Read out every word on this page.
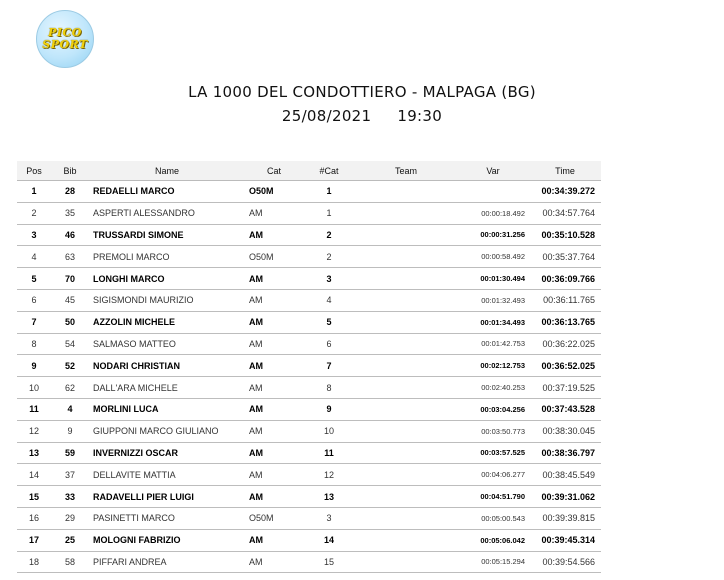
PICO
SPORT
LA 1000 DEL CONDOTTIERO - MALPAGA (BG)
25/08/2021 19:30
Pos	Bib	Name	Cat	#Cat	Team	Var	Time
1	28	REDAELLI MARCO	O50M	1			00:34:39.272
2	35	ASPERTI ALESSANDRO	AM	1		00:00:18.492	00:34:57.764
3	46	TRUSSARDI SIMONE	AM	2		00:00:31.256	00:35:10.528
4	63	PREMOLI MARCO	O50M	2		00:00:58.492	00:35:37.764
5	70	LONGHI MARCO	AM	3		00:01:30.494	00:36:09.766
6	45	SIGISMONDI MAURIZIO	AM	4		00:01:32.493	00:36:11.765
7	50	AZZOLIN MICHELE	AM	5		00:01:34.493	00:36:13.765
8	54	SALMASO MATTEO	AM	6		00:01:42.753	00:36:22.025
9	52	NODARI CHRISTIAN	AM	7		00:02:12.753	00:36:52.025
10	62	DALL'ARA MICHELE	AM	8		00:02:40.253	00:37:19.525
11	4	MORLINI LUCA	AM	9		00:03:04.256	00:37:43.528
12	9	GIUPPONI MARCO GIULIANO	AM	10		00:03:50.773	00:38:30.045
13	59	INVERNIZZI OSCAR	AM	11		00:03:57.525	00:38:36.797
14	37	DELLAVITE MATTIA	AM	12		00:04:06.277	00:38:45.549
15	33	RADAVELLI PIER LUIGI	AM	13		00:04:51.790	00:39:31.062
16	29	PASINETTI MARCO	O50M	3		00:05:00.543	00:39:39.815
17	25	MOLOGNI FABRIZIO	AM	14		00:05:06.042	00:39:45.314
18	58	PIFFARI ANDREA	AM	15		00:05:15.294	00:39:54.566
